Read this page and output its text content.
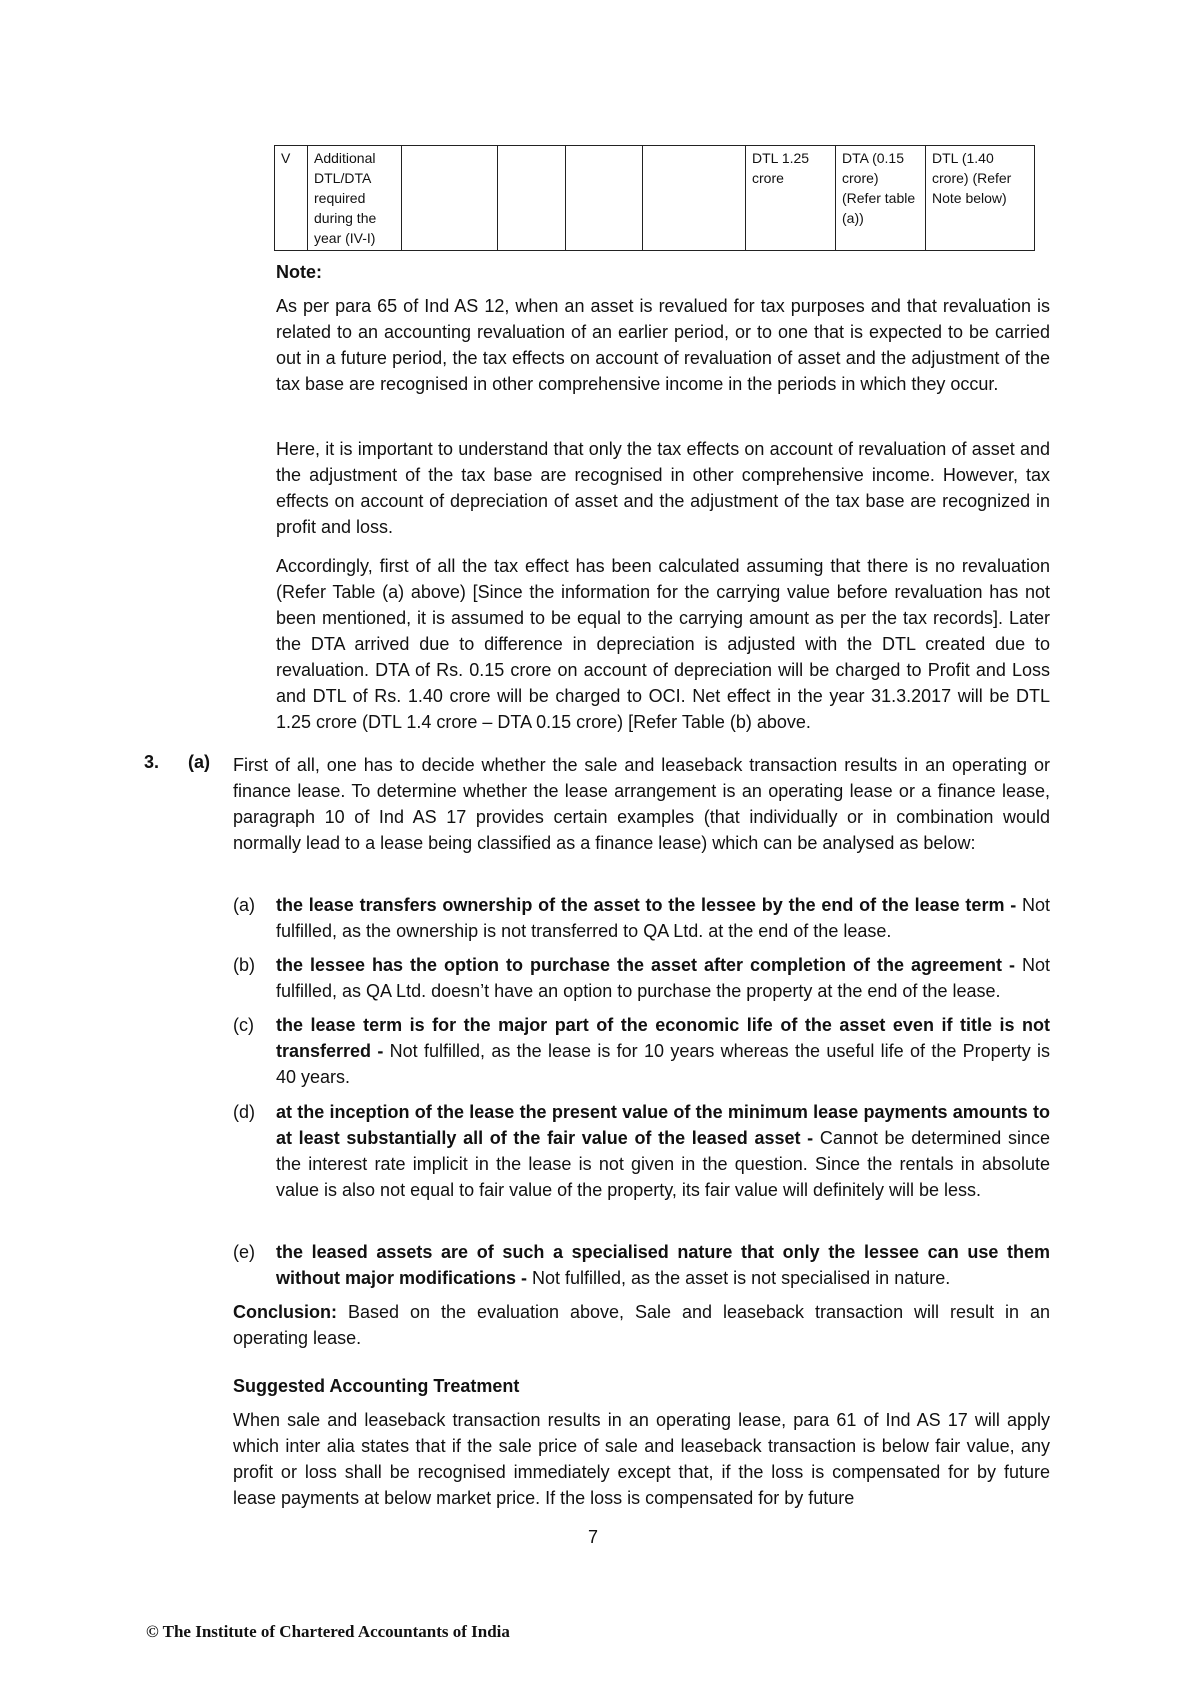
V	Additional DTL/DTA required during the year (IV-I)					DTL 1.25 crore	DTA (0.15 crore) (Refer table (a))	DTL (1.40 crore) (Refer Note below)
Note:

As per para 65 of Ind AS 12, when an asset is revalued for tax purposes and that revaluation is related to an accounting revaluation of an earlier period, or to one that is expected to be carried out in a future period, the tax effects on account of revaluation of asset and the adjustment of the tax base are recognised in other comprehensive income in the periods in which they occur.

Here, it is important to understand that only the tax effects on account of revaluation of asset and the adjustment of the tax base are recognised in other comprehensive income. However, tax effects on account of depreciation of asset and the adjustment of the tax base are recognized in profit and loss.

Accordingly, first of all the tax effect has been calculated assuming that there is no revaluation (Refer Table (a) above) [Since the information for the carrying value before revaluation has not been mentioned, it is assumed to be equal to the carrying amount as per the tax records]. Later the DTA arrived due to difference in depreciation is adjusted with the DTL created due to revaluation. DTA of Rs. 0.15 crore on account of depreciation will be charged to Profit and Loss and DTL of Rs. 1.40 crore will be charged to OCI. Net effect in the year 31.3.2017 will be DTL 1.25 crore (DTL 1.4 crore – DTA 0.15 crore) [Refer Table (b) above.

3. (a) First of all, one has to decide whether the sale and leaseback transaction results in an operating or finance lease. To determine whether the lease arrangement is an operating lease or a finance lease, paragraph 10 of Ind AS 17 provides certain examples (that individually or in combination would normally lead to a lease being classified as a finance lease) which can be analysed as below:

(a) the lease transfers ownership of the asset to the lessee by the end of the lease term - Not fulfilled, as the ownership is not transferred to QA Ltd. at the end of the lease.

(b) the lessee has the option to purchase the asset after completion of the agreement - Not fulfilled, as QA Ltd. doesn’t have an option to purchase the property at the end of the lease.

(c) the lease term is for the major part of the economic life of the asset even if title is not transferred - Not fulfilled, as the lease is for 10 years whereas the useful life of the Property is 40 years.

(d) at the inception of the lease the present value of the minimum lease payments amounts to at least substantially all of the fair value of the leased asset - Cannot be determined since the interest rate implicit in the lease is not given in the question. Since the rentals in absolute value is also not equal to fair value of the property, its fair value will definitely will be less.

(e) the leased assets are of such a specialised nature that only the lessee can use them without major modifications - Not fulfilled, as the asset is not specialised in nature.

Conclusion: Based on the evaluation above, Sale and leaseback transaction will result in an operating lease.

Suggested Accounting Treatment

When sale and leaseback transaction results in an operating lease, para 61 of Ind AS 17 will apply which inter alia states that if the sale price of sale and leaseback transaction is below fair value, any profit or loss shall be recognised immediately except that, if the loss is compensated for by future lease payments at below market price. If the loss is compensated for by future

7
© The Institute of Chartered Accountants of India
